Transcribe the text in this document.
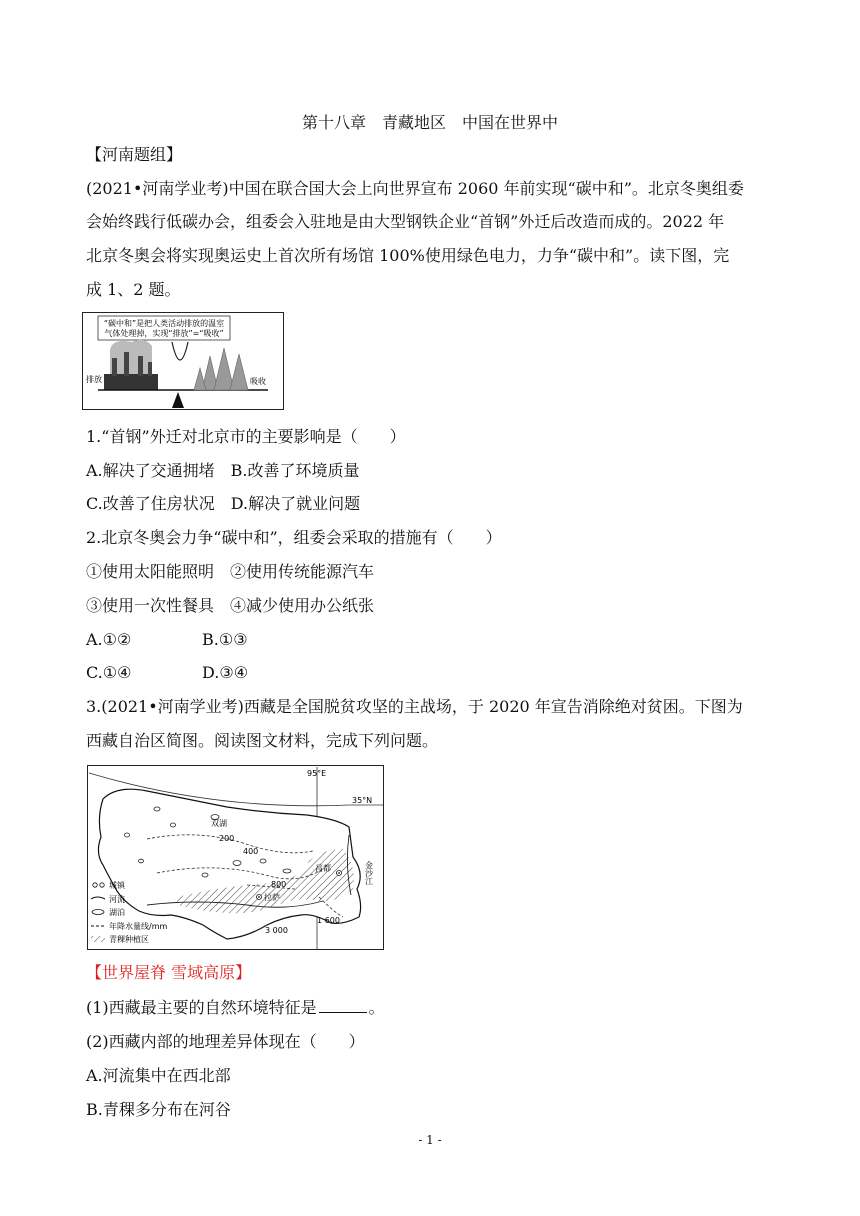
第十八章　青藏地区　中国在世界中
【河南题组】
(2021•河南学业考)中国在联合国大会上向世界宣布 2060 年前实现“碳中和”。北京冬奥组委
会始终践行低碳办会，组委会入驻地是由大型钢铁企业“首钢”外迁后改造而成的。2022 年
北京冬奥会将实现奥运史上首次所有场馆 100%使用绿色电力，力争“碳中和”。读下图，完
成 1、2 题。
“碳中和”是把人类活动排放的温室
气体处理掉，实现“排放”=“吸收”
排放	吸收
1.“首钢”外迁对北京市的主要影响是（　　）
A.解决了交通拥堵　B.改善了环境质量
C.改善了住房状况　D.解决了就业问题
2.北京冬奥会力争“碳中和”，组委会采取的措施有（　　）
①使用太阳能照明　②使用传统能源汽车
③使用一次性餐具　④减少使用办公纸张
A.①②	B.①③
C.①④	D.③④
3.(2021•河南学业考)西藏是全国脱贫攻坚的主战场，于 2020 年宣告消除绝对贫困。下图为
西藏自治区简图。阅读图文材料，完成下列问题。
95°E
35°N
双湖
200
400
800
1 600
3 000
昌都
拉萨
金沙江
城镇
河流
湖泊
年降水量线/mm
青稞种植区
【世界屋脊 雪域高原】
(1)西藏最主要的自然环境特征是	。
(2)西藏内部的地理差异体现在（　　）
A.河流集中在西北部
B.青稞多分布在河谷
- 1 -
